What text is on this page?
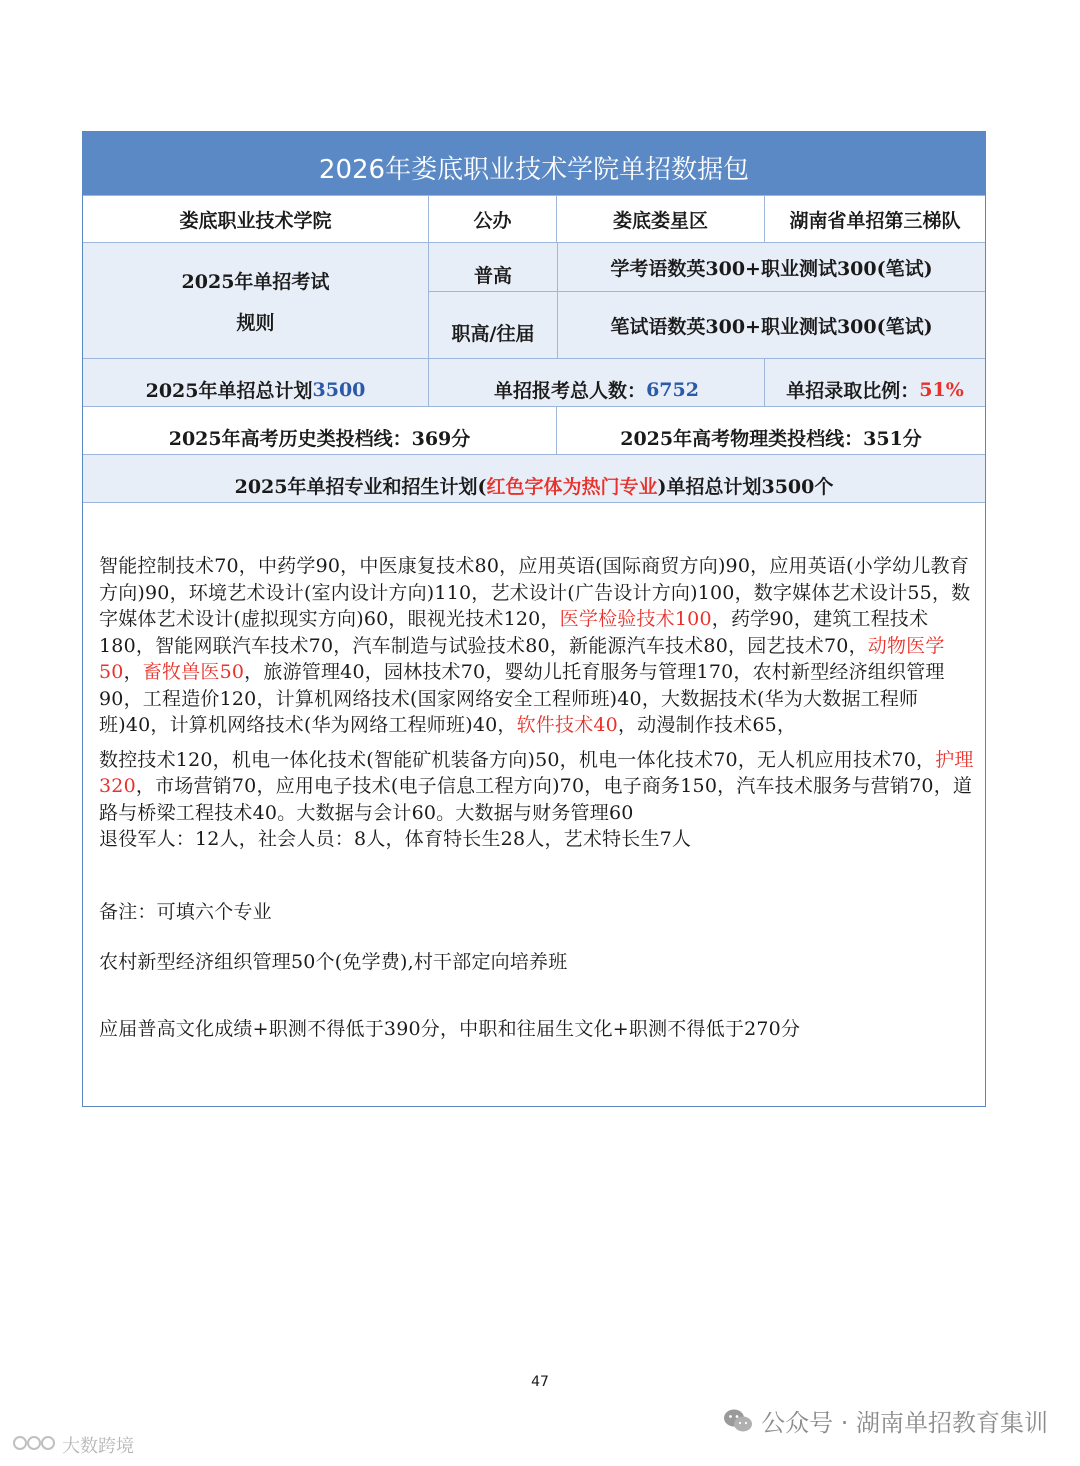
2026年娄底职业技术学院单招数据包
娄底职业技术学院	公办	娄底娄星区	湖南省单招第三梯队
2025年单招考试
规则
普高	学考语数英300+职业测试300(笔试)
职高/往届	笔试语数英300+职业测试300(笔试)
2025年单招总计划 3500	单招报考总人数： 6752	单招录取比例： 51%
2025年高考历史类投档线：369分	2025年高考物理类投档线：351分
2025年单招专业和招生计划( 红色字体为热门专业 )单招总计划3500个

智能控制技术70，中药学90，中医康复技术80，应用英语(国际商贸方向)90，应用英语(小学幼儿教育方向)90，环境艺术设计(室内设计方向)110，艺术设计(广告设计方向)100，数字媒体艺术设计55，数字媒体艺术设计(虚拟现实方向)60，眼视光技术120，医学检验技术100，药学90，建筑工程技术180，智能网联汽车技术70，汽车制造与试验技术80，新能源汽车技术80，园艺技术70，动物医学50，畜牧兽医50，旅游管理40，园林技术70，婴幼儿托育服务与管理170，农村新型经济组织管理90，工程造价120，计算机网络技术(国家网络安全工程师班)40，大数据技术(华为大数据工程师班)40，计算机网络技术(华为网络工程师班)40，软件技术40，动漫制作技术65，

数控技术120，机电一体化技术(智能矿机装备方向)50，机电一体化技术70，无人机应用技术70，护理320，市场营销70，应用电子技术(电子信息工程方向)70，电子商务150，汽车技术服务与营销70，道路与桥梁工程技术40。大数据与会计60。大数据与财务管理60

退役军人：12人，社会人员：8人，体育特长生28人，艺术特长生7人

备注：可填六个专业

农村新型经济组织管理50个(免学费),村干部定向培养班

应届普高文化成绩+职测不得低于390分，中职和往届生文化+职测不得低于270分

47
公众号 · 湖南单招教育集训
大数跨境
